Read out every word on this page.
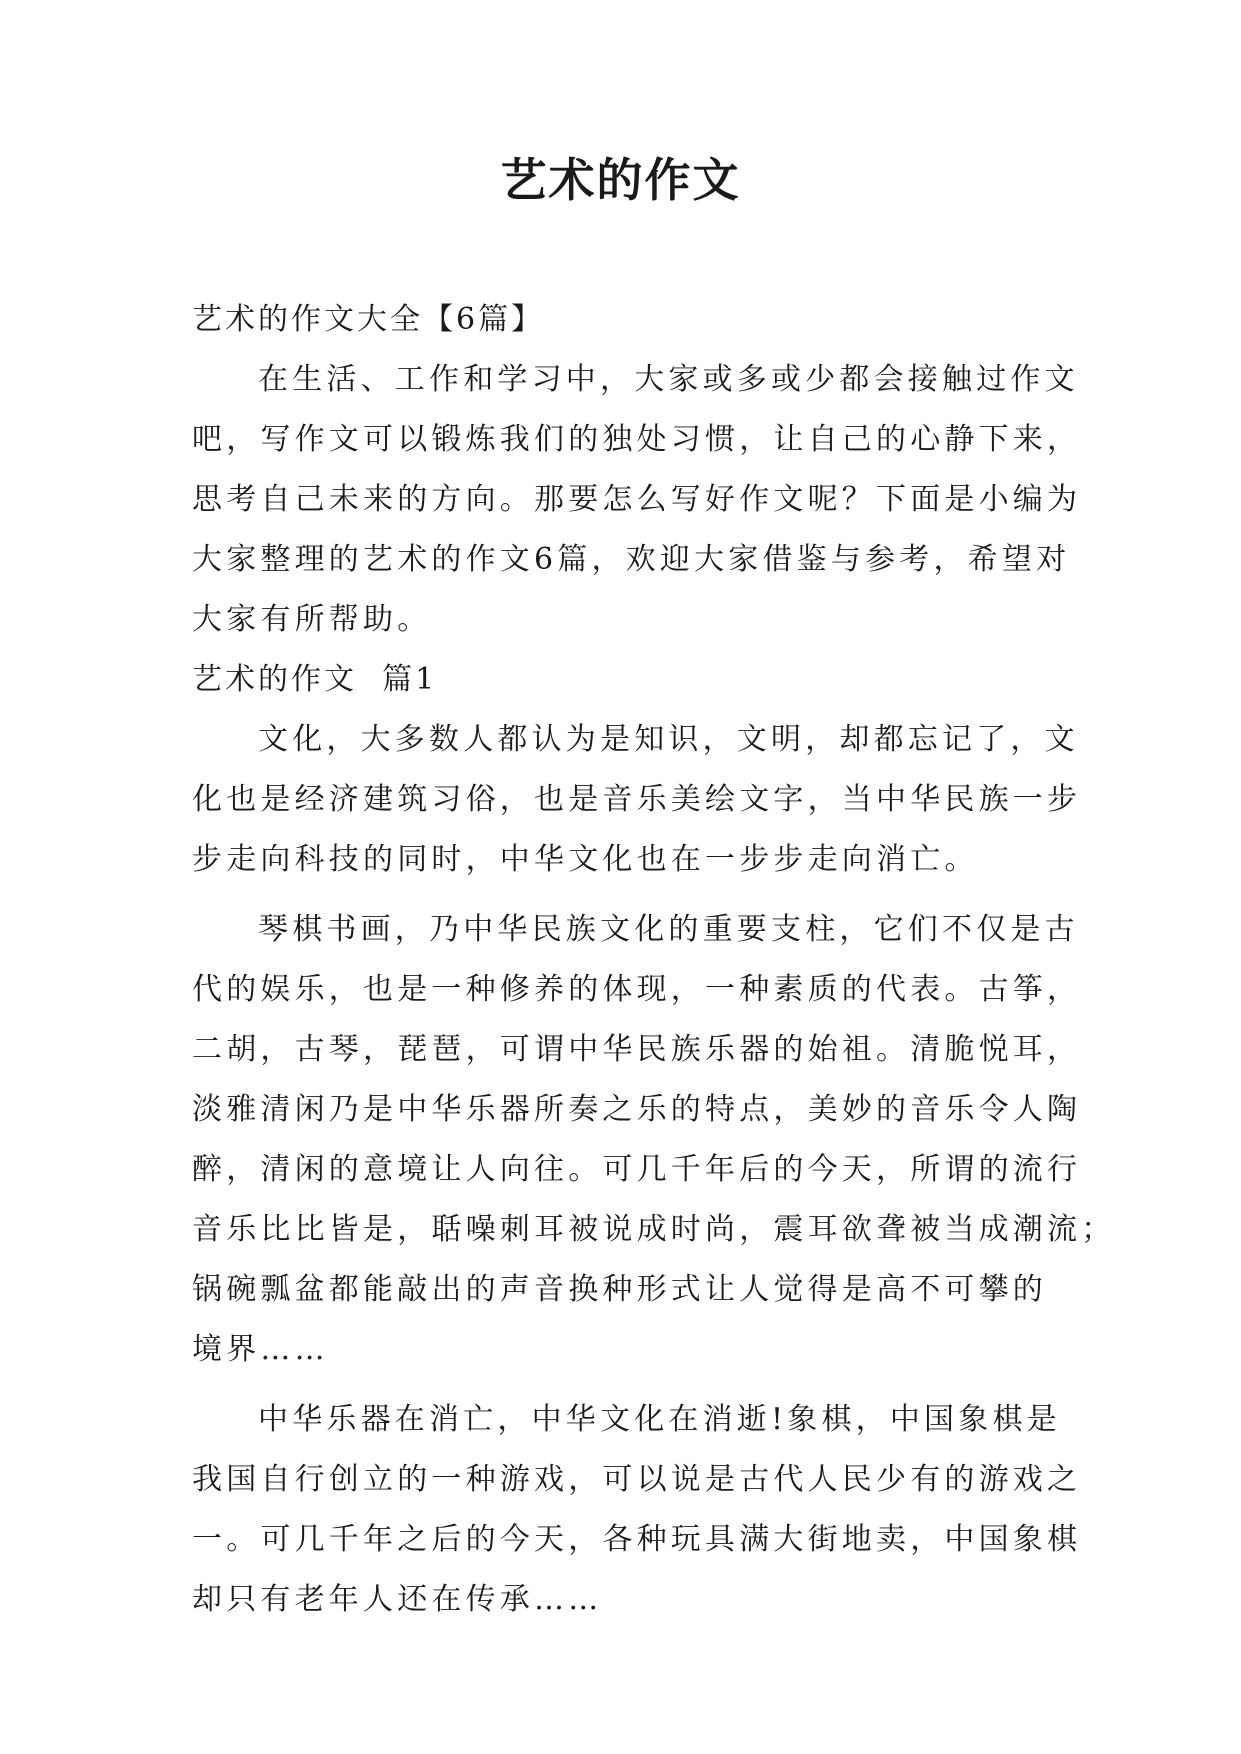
艺术的作文

艺术的作文大全【6篇】

在生活、工作和学习中，大家或多或少都会接触过作文

吧，写作文可以锻炼我们的独处习惯，让自己的心静下来，

思考自己未来的方向。那要怎么写好作文呢？下面是小编为

大家整理的艺术的作文6篇，欢迎大家借鉴与参考，希望对

大家有所帮助。

艺术的作文  篇1

文化，大多数人都认为是知识，文明，却都忘记了，文

化也是经济建筑习俗，也是音乐美绘文字，当中华民族一步

步走向科技的同时，中华文化也在一步步走向消亡。

琴棋书画，乃中华民族文化的重要支柱，它们不仅是古

代的娱乐，也是一种修养的体现，一种素质的代表。古筝，

二胡，古琴，琵琶，可谓中华民族乐器的始祖。清脆悦耳，

淡雅清闲乃是中华乐器所奏之乐的特点，美妙的音乐令人陶

醉，清闲的意境让人向往。可几千年后的今天，所谓的流行

音乐比比皆是，聒噪刺耳被说成时尚，震耳欲聋被当成潮流；

锅碗瓢盆都能敲出的声音换种形式让人觉得是高不可攀的

境界……

中华乐器在消亡，中华文化在消逝!象棋，中国象棋是

我国自行创立的一种游戏，可以说是古代人民少有的游戏之

一。可几千年之后的今天，各种玩具满大街地卖，中国象棋

却只有老年人还在传承……
